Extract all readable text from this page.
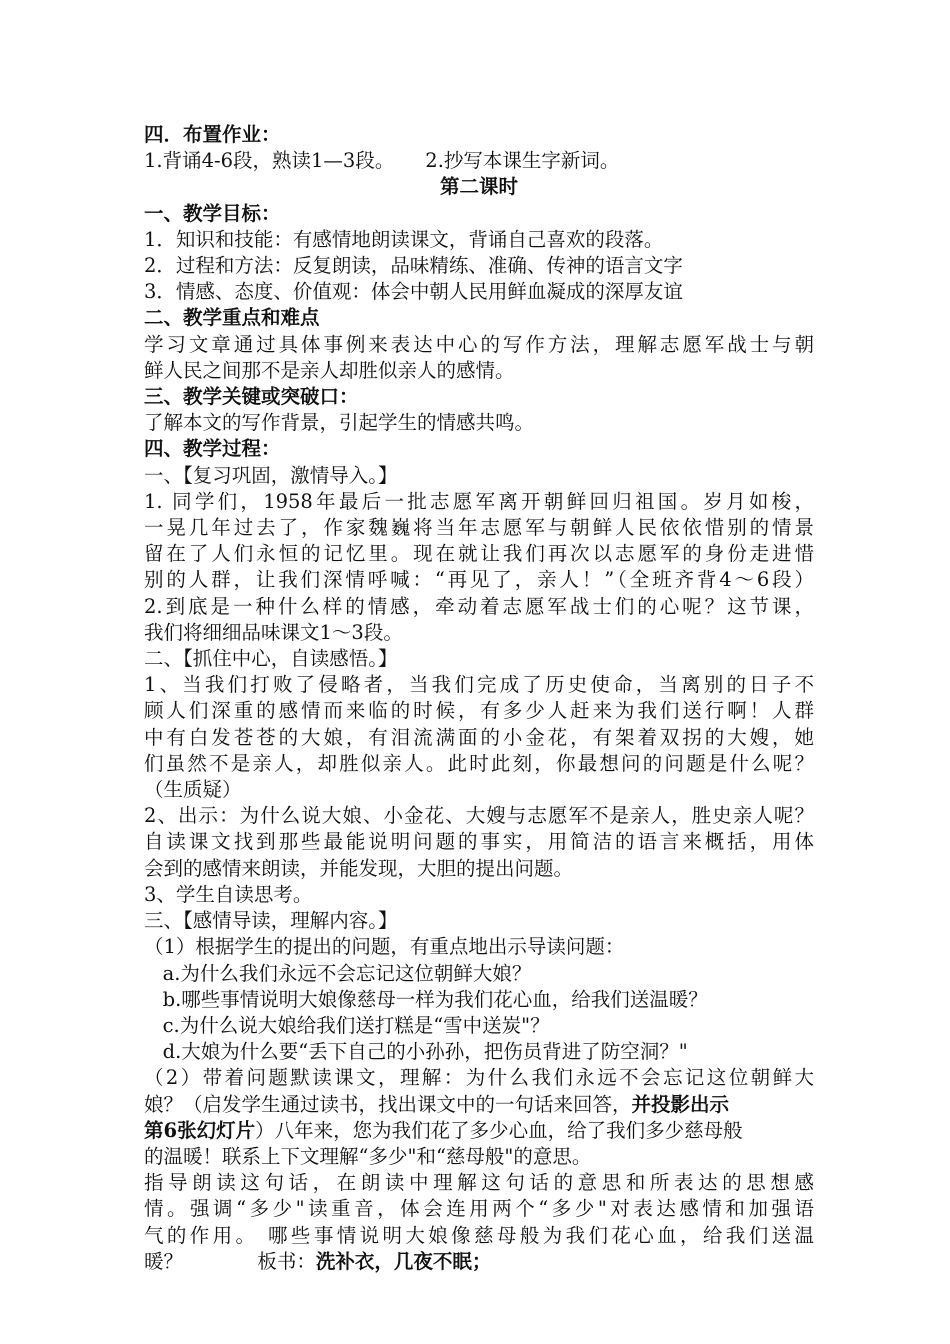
四．布置作业：
1.背诵4-6段，熟读1—3段。     2.抄写本课生字新词。
第二课时
一、教学目标：
1．知识和技能：有感情地朗读课文，背诵自己喜欢的段落。
2．过程和方法：反复朗读，品味精练、准确、传神的语言文字
3．情感、态度、价值观：体会中朝人民用鲜血凝成的深厚友谊
二、教学重点和难点
学习文章通过具体事例来表达中心的写作方法，理解志愿军战士与朝
鲜人民之间那不是亲人却胜似亲人的感情。
三、教学关键或突破口：
了解本文的写作背景，引起学生的情感共鸣。
四、教学过程：
一、【复习巩固，激情导入。】
1. 同学们，1958年最后一批志愿军离开朝鲜回归祖国。岁月如梭，
一晃几年过去了，作家魏巍将当年志愿军与朝鲜人民依依惜别的情景
留在了人们永恒的记忆里。现在就让我们再次以志愿军的身份走进惜
别的人群，让我们深情呼喊：“再见了，亲人！”（全班齐背4～6段）
2.到底是一种什么样的情感，牵动着志愿军战士们的心呢？这节课，
我们将细细品味课文1～3段。
二、【抓住中心，自读感悟。】
1、当我们打败了侵略者，当我们完成了历史使命，当离别的日子不
顾人们深重的感情而来临的时候，有多少人赶来为我们送行啊！人群
中有白发苍苍的大娘，有泪流满面的小金花，有架着双拐的大嫂，她
们虽然不是亲人，却胜似亲人。此时此刻，你最想问的问题是什么呢？
（生质疑）
2、出示：为什么说大娘、小金花、大嫂与志愿军不是亲人，胜史亲人呢？
自读课文找到那些最能说明问题的事实，用简洁的语言来概括，用体
会到的感情来朗读，并能发现，大胆的提出问题。
3、学生自读思考。
三、【感情导读，理解内容。】
（1）根据学生的提出的问题，有重点地出示导读问题：
a.为什么我们永远不会忘记这位朝鲜大娘？
b.哪些事情说明大娘像慈母一样为我们花心血，给我们送温暖？
c.为什么说大娘给我们送打糕是“雪中送炭"？
d.大娘为什么要“丢下自己的小孙孙，把伤员背进了防空洞？"
（2）带着问题默读课文，理解：为什么我们永远不会忘记这位朝鲜大
娘？（启发学生通过读书，找出课文中的一句话来回答，并投影出示
第6张幻灯片）八年来，您为我们花了多少心血，给了我们多少慈母般
的温暖！联系上下文理解“多少"和“慈母般"的意思。
指导朗读这句话，在朗读中理解这句话的意思和所表达的思想感
情。强调“多少"读重音，体会连用两个“多少"对表达感情和加强语
气的作用。 哪些事情说明大娘像慈母般为我们花心血，给我们送温
暖？            板书：洗补衣，几夜不眠；
